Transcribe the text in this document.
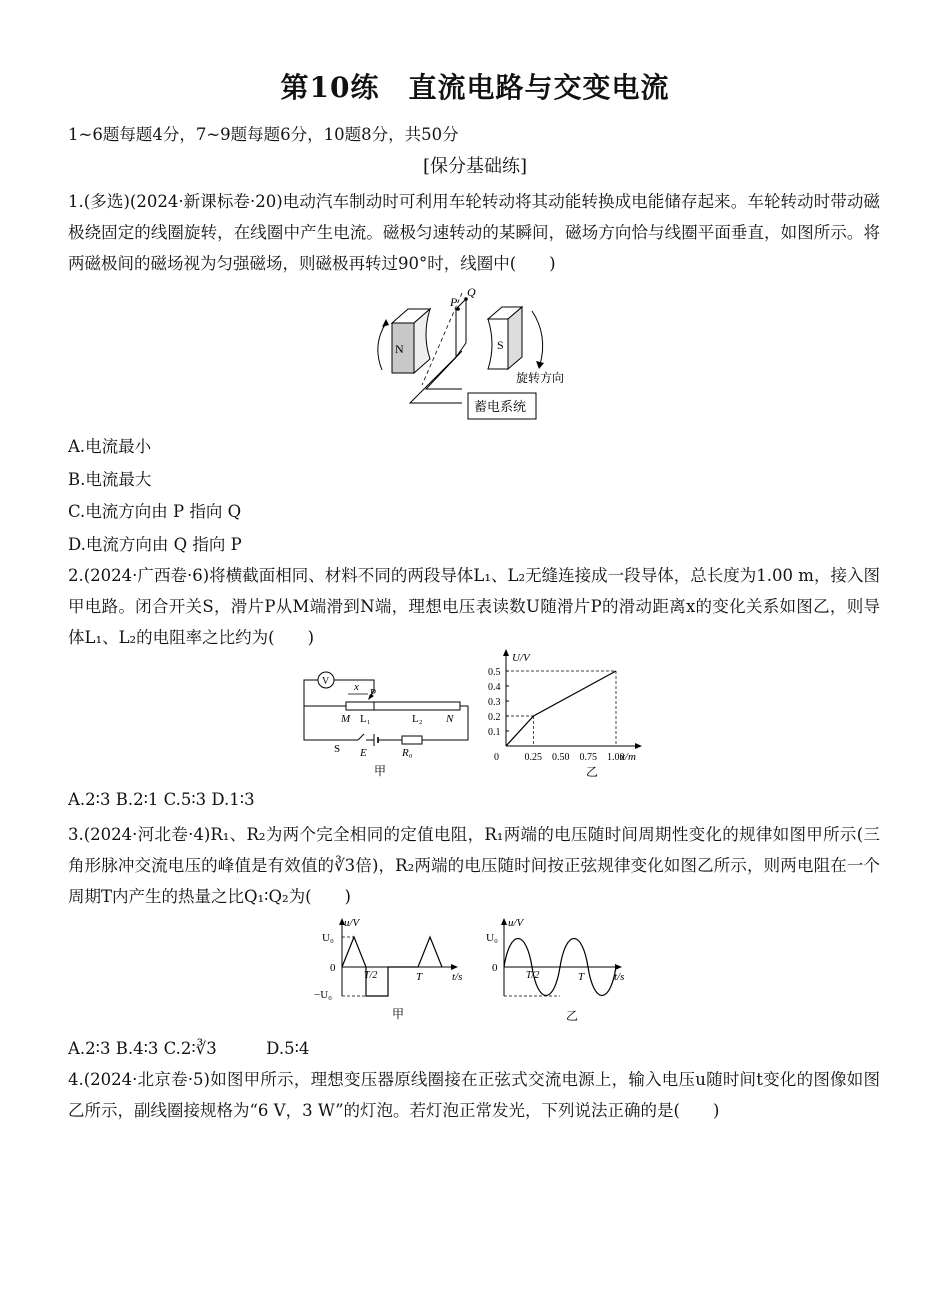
第10练　直流电路与交变电流
1~6题每题4分，7~9题每题6分，10题8分，共50分
[保分基础练]
1.(多选)(2024·新课标卷·20)电动汽车制动时可利用车轮转动将其动能转换成电能储存起来。车轮转动时带动磁极绕固定的线圈旋转，在线圈中产生电流。磁极匀速转动的某瞬间，磁场方向恰与线圈平面垂直，如图所示。将两磁极间的磁场视为匀强磁场，则磁极再转过90°时，线圈中(　　)
N	S
旋转方向
P
Q
蓄电系统
A.电流最小
B.电流最大
C.电流方向由 P 指向 Q
D.电流方向由 Q 指向 P
2.(2024·广西卷·6)将横截面相同、材料不同的两段导体L₁、L₂无缝连接成一段导体，总长度为1.00 m，接入图甲电路。闭合开关S，滑片P从M端滑到N端，理想电压表读数U随滑片P的滑动距离x的变化关系如图乙，则导体L₁、L₂的电阻率之比约为(　　)
V x P
M L₁	L₂ N
S E	R₀
甲
U/V
x/m
0.1
0.2
0.3
0.4
0.5
0	0.25 0.50 0.75 1.00
乙
A.2∶3 B.2∶1 C.5∶3 D.1∶3
3.(2024·河北卷·4)R₁、R₂为两个完全相同的定值电阻，R₁两端的电压随时间周期性变化的规律如图甲所示(三角形脉冲交流电压的峰值是有效值的∛3倍)，R₂两端的电压随时间按正弦规律变化如图乙所示，则两电阻在一个周期T内产生的热量之比Q₁∶Q₂为(　　)
u/V
U₀
0
−U₀
T/2	T	t/s
甲
u/V
U₀
0
T/2	T	t/s
乙
A.2∶3 B.4∶3 C.2∶∛3　　　D.5∶4
4.(2024·北京卷·5)如图甲所示，理想变压器原线圈接在正弦式交流电源上，输入电压u随时间t变化的图像如图乙所示，副线圈接规格为“6 V，3 W”的灯泡。若灯泡正常发光，下列说法正确的是(　　)
